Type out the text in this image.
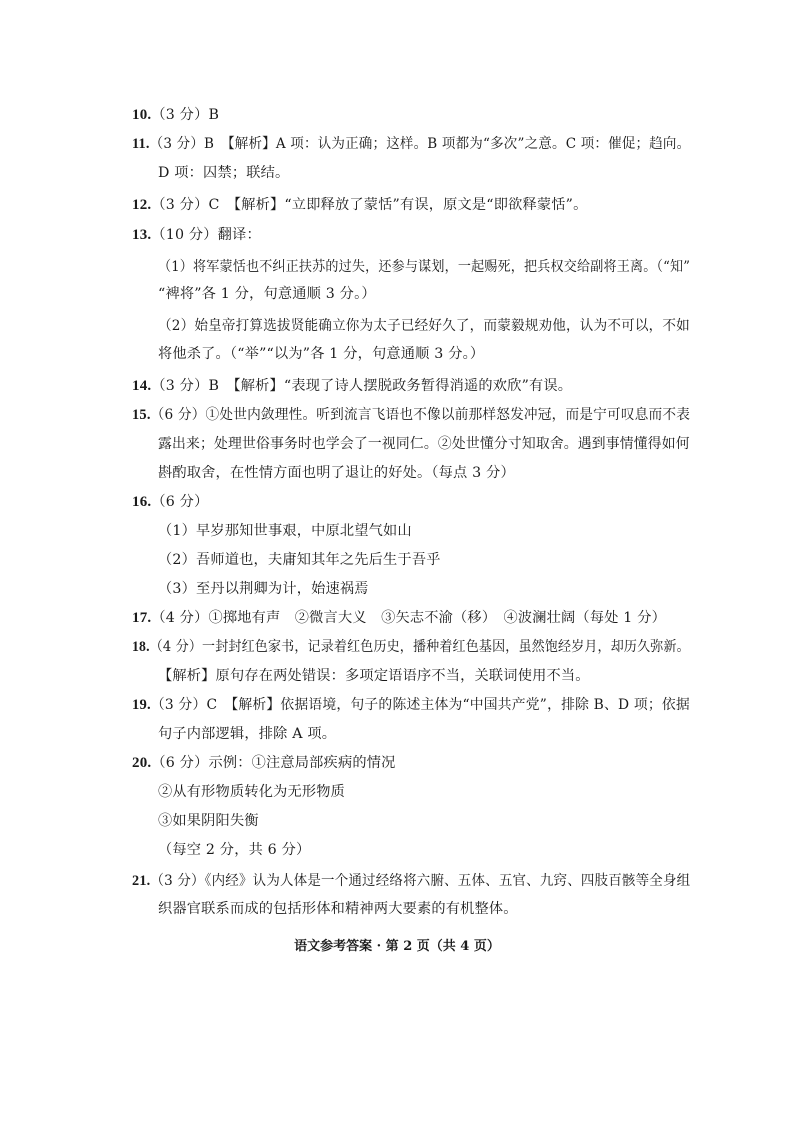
10.（3 分）B
11.（3 分）B　【解析】A 项：认为正确；这样。B 项都为“多次”之意。C 项：催促；趋向。
D 项：囚禁；联结。
12.（3 分）C　【解析】“立即释放了蒙恬”有误，原文是“即欲释蒙恬”。
13.（10 分）翻译：
（1）将军蒙恬也不纠正扶苏的过失，还参与谋划，一起赐死，把兵权交给副将王离。（“知”
“裨将”各 1 分，句意通顺 3 分。）
（2）始皇帝打算选拔贤能确立你为太子已经好久了，而蒙毅规劝他，认为不可以，不如
将他杀了。（“举”“以为”各 1 分，句意通顺 3 分。）
14.（3 分）B　【解析】“表现了诗人摆脱政务暂得消遥的欢欣”有误。
15.（6 分）①处世内敛理性。听到流言飞语也不像以前那样怒发冲冠，而是宁可叹息而不表
露出来；处理世俗事务时也学会了一视同仁。②处世懂分寸知取舍。遇到事情懂得如何
斟酌取舍，在性情方面也明了退让的好处。（每点 3 分）
16.（6 分）
（1）早岁那知世事艰，中原北望气如山
（2）吾师道也，夫庸知其年之先后生于吾乎
（3）至丹以荆卿为计，始速祸焉
17.（4 分）①掷地有声　②微言大义　③矢志不渝（移）　④波澜壮阔（每处 1 分）
18.（4 分）一封封红色家书，记录着红色历史，播种着红色基因，虽然饱经岁月，却历久弥新。
【解析】原句存在两处错误：多项定语语序不当，关联词使用不当。
19.（3 分）C　【解析】依据语境，句子的陈述主体为“中国共产党”，排除 B、D 项；依据
句子内部逻辑，排除 A 项。
20.（6 分）示例：①注意局部疾病的情况
②从有形物质转化为无形物质
③如果阴阳失衡
（每空 2 分，共 6 分）
21.（3 分）《内经》认为人体是一个通过经络将六腑、五体、五官、九窍、四肢百骸等全身组
织器官联系而成的包括形体和精神两大要素的有机整体。
语文参考答案 · 第 2 页（共 4 页）
